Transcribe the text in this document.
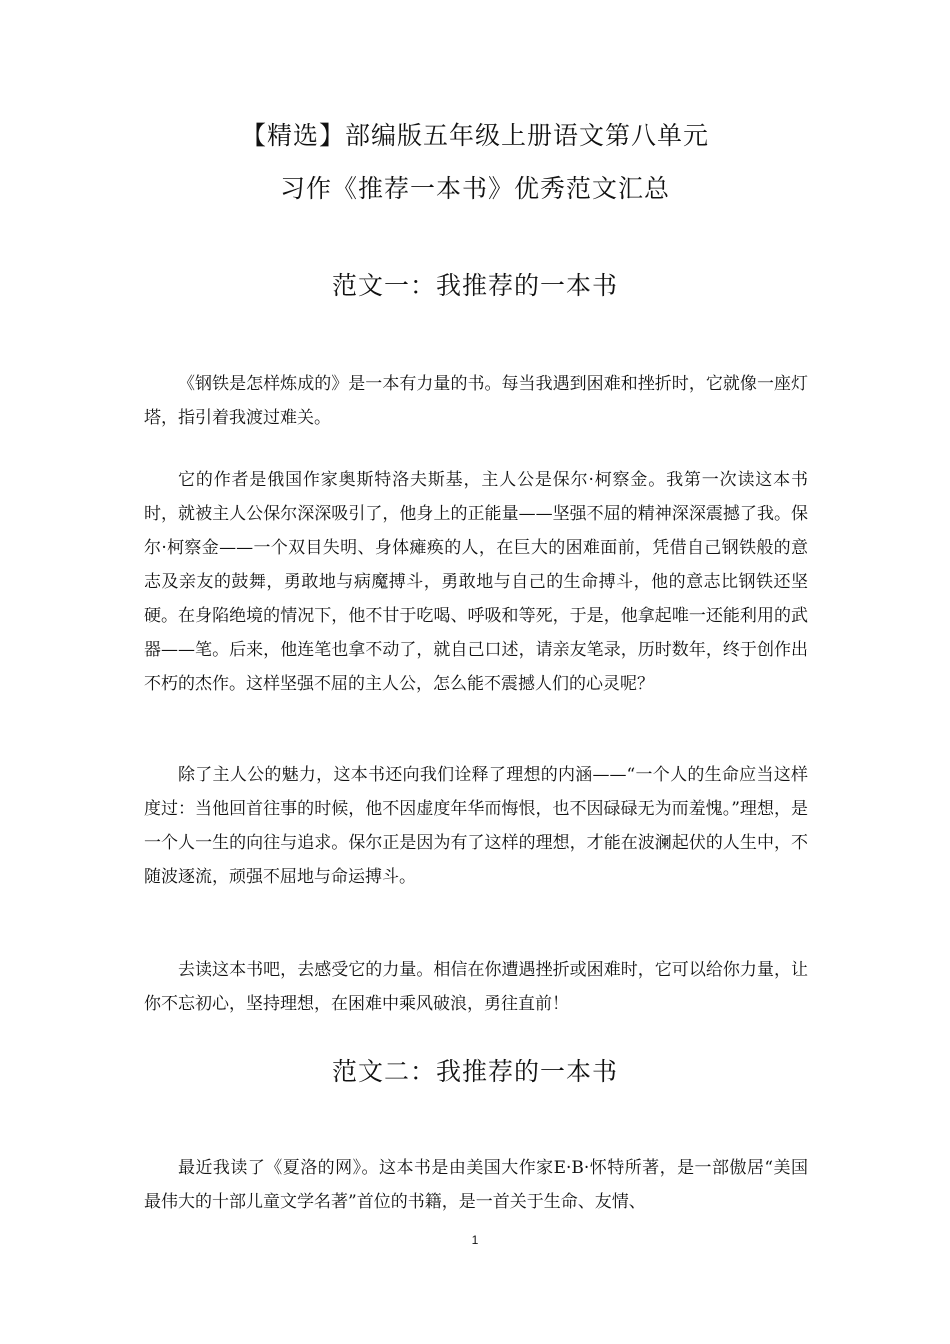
【精选】部编版五年级上册语文第八单元
习作《推荐一本书》优秀范文汇总
范文一：我推荐的一本书

《钢铁是怎样炼成的》是一本有力量的书。每当我遇到困难和挫折时，它就像一座灯塔，指引着我渡过难关。

它的作者是俄国作家奥斯特洛夫斯基，主人公是保尔·柯察金。我第一次读这本书时，就被主人公保尔深深吸引了，他身上的正能量——坚强不屈的精神深深震撼了我。保尔·柯察金——一个双目失明、身体瘫痪的人，在巨大的困难面前，凭借自己钢铁般的意志及亲友的鼓舞，勇敢地与病魔搏斗，勇敢地与自己的生命搏斗，他的意志比钢铁还坚硬。在身陷绝境的情况下，他不甘于吃喝、呼吸和等死，于是，他拿起唯一还能利用的武器——笔。后来，他连笔也拿不动了，就自己口述，请亲友笔录，历时数年，终于创作出不朽的杰作。这样坚强不屈的主人公，怎么能不震撼人们的心灵呢？

除了主人公的魅力，这本书还向我们诠释了理想的内涵——“一个人的生命应当这样度过：当他回首往事的时候，他不因虚度年华而悔恨，也不因碌碌无为而羞愧。”理想，是一个人一生的向往与追求。保尔正是因为有了这样的理想，才能在波澜起伏的人生中，不随波逐流，顽强不屈地与命运搏斗。

去读这本书吧，去感受它的力量。相信在你遭遇挫折或困难时，它可以给你力量，让你不忘初心，坚持理想，在困难中乘风破浪，勇往直前！

范文二：我推荐的一本书

最近我读了《夏洛的网》。这本书是由美国大作家E·B·怀特所著，是一部傲居“美国最伟大的十部儿童文学名著”首位的书籍，是一首关于生命、友情、

1
